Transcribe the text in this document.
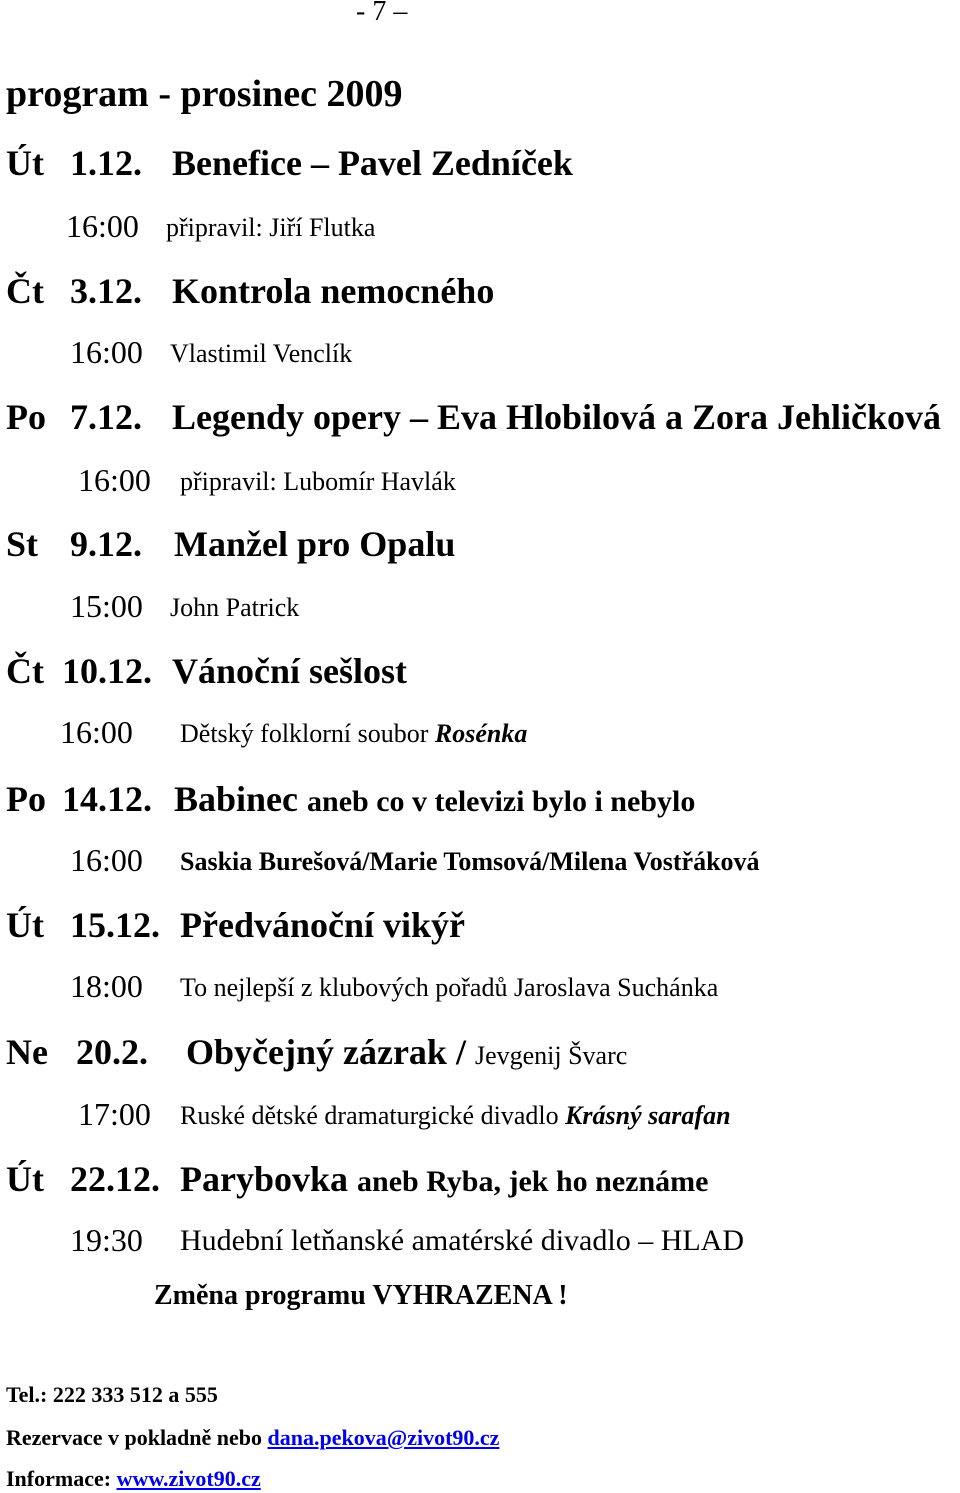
- 7 –
program - prosinec 2009
Út 1.12. Benefice – Pavel Zedníček
16:00 připravil: Jiří Flutka
Čt 3.12. Kontrola nemocného
16:00 Vlastimil Venclík
Po 7.12. Legendy opery – Eva Hlobilová a Zora Jehličková
16:00 připravil: Lubomír Havlák
St 9.12. Manžel pro Opalu
15:00 John Patrick
Čt 10.12. Vánoční sešlost
16:00 Dětský folklorní soubor Rosénka
Po 14.12. Babinec aneb co v televizi bylo i nebylo
16:00 Saskia Burešová/Marie Tomsová/Milena Vostřáková
Út 15.12. Předvánoční vikýř
18:00 To nejlepší z klubových pořadů Jaroslava Suchánka
Ne 20.2. Obyčejný zázrak / Jevgenij Švarc
17:00 Ruské dětské dramaturgické divadlo Krásný sarafan
Út 22.12. Parybovka aneb Ryba, jek ho neznáme
19:30 Hudební letňanské amatérské divadlo – HLAD
Změna programu VYHRAZENA !
Tel.: 222 333 512 a 555
Rezervace v pokladně nebo dana.pekova@zivot90.cz
Informace: www.zivot90.cz
